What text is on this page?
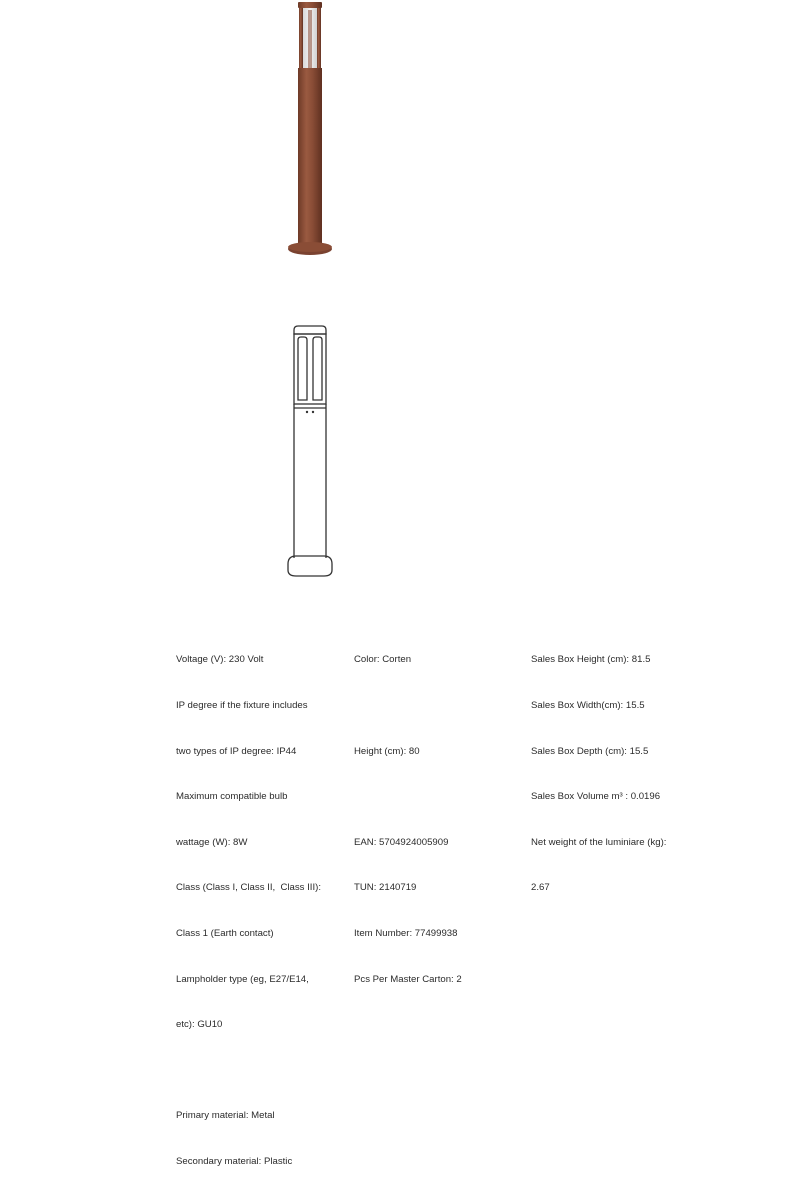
Voltage (V): 230 Volt

IP degree if the fixture includes

two types of IP degree: IP44

Maximum compatible bulb

wattage (W): 8W

Class (Class I, Class II,  Class III):

Class 1 (Earth contact)

Lampholder type (eg, E27/E14,

etc): GU10

Primary material: Metal

Secondary material: Plastic

Color: Corten

Height (cm): 80

EAN: 5704924005909

TUN: 2140719

Item Number: 77499938

Pcs Per Master Carton: 2

Sales Box Height (cm): 81.5

Sales Box Width(cm): 15.5

Sales Box Depth (cm): 15.5

Sales Box Volume m³ : 0.0196

Net weight of the luminiare (kg):

2.67
